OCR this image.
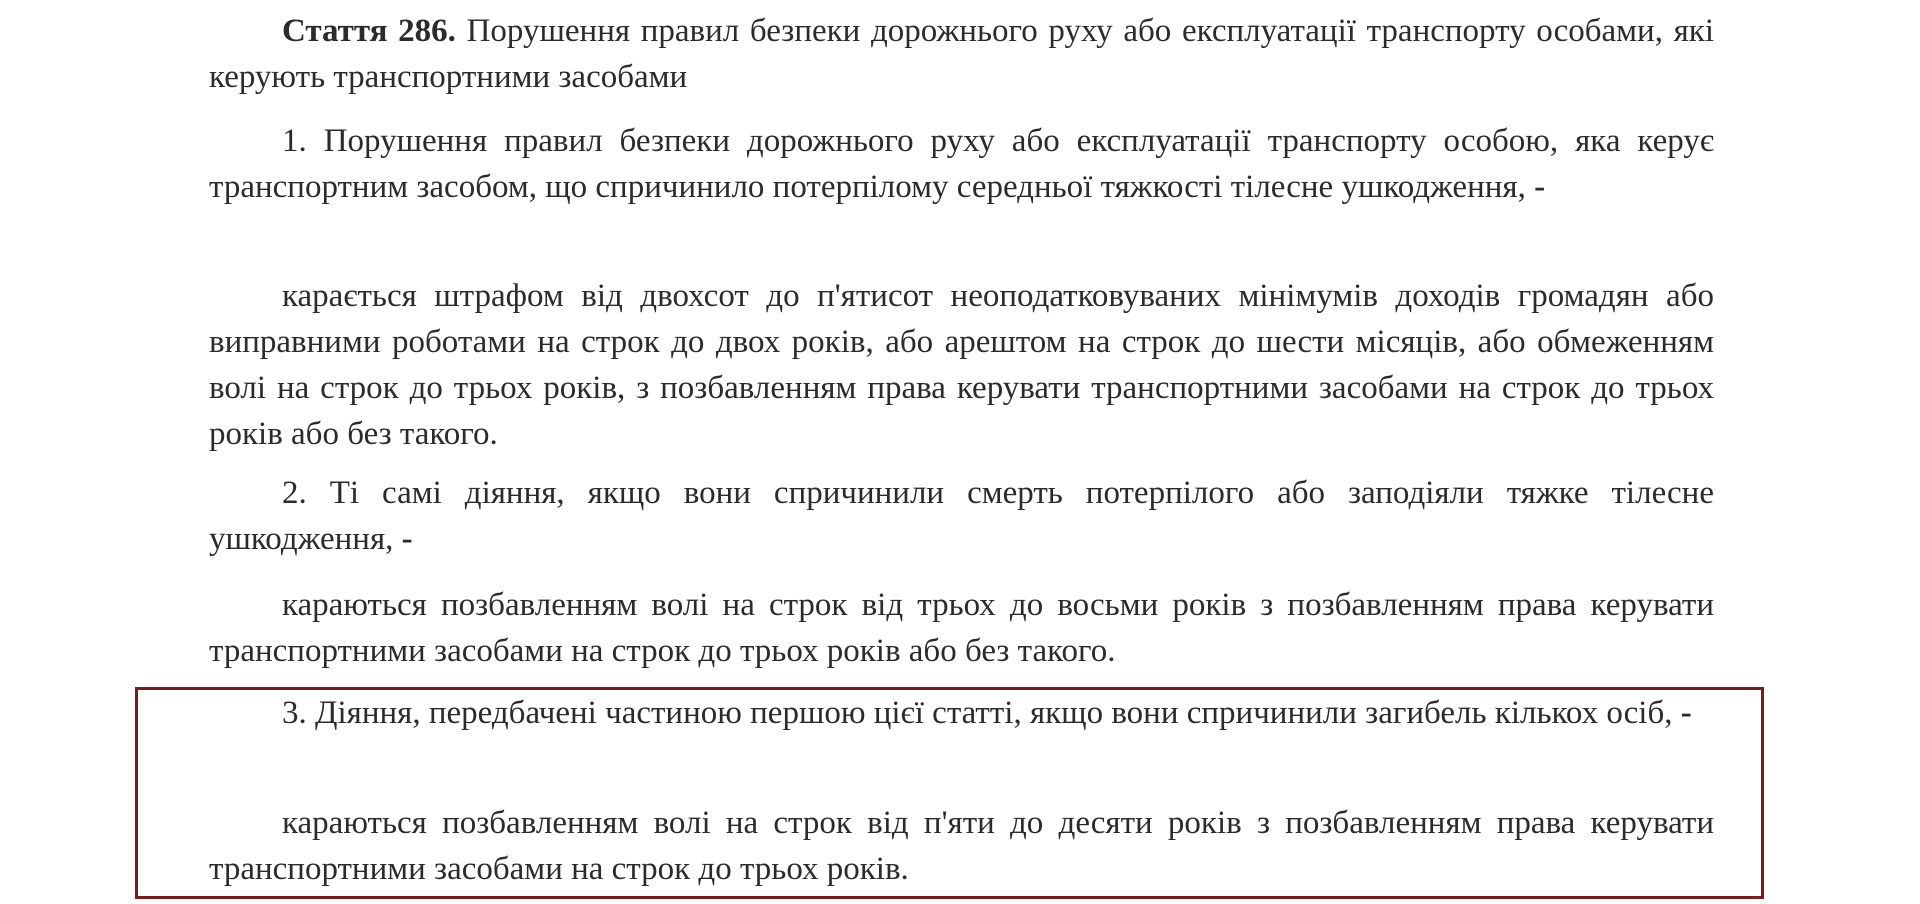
Стаття 286. Порушення правил безпеки дорожнього руху або експлуатації транспорту особами, які керують транспортними засобами

1. Порушення правил безпеки дорожнього руху або експлуатації транспорту особою, яка керує транспортним засобом, що спричинило потерпілому середньої тяжкості тілесне ушкодження, -

карається штрафом від двохсот до п'ятисот неоподатковуваних мінімумів доходів громадян або виправними роботами на строк до двох років, або арештом на строк до шести місяців, або обмеженням волі на строк до трьох років, з позбавленням права керувати транспортними засобами на строк до трьох років або без такого.

2. Ті самі діяння, якщо вони спричинили смерть потерпілого або заподіяли тяжке тілесне ушкодження, -

караються позбавленням волі на строк від трьох до восьми років з позбавленням права керувати транспортними засобами на строк до трьох років або без такого.

3. Діяння, передбачені частиною першою цієї статті, якщо вони спричинили загибель кількох осіб, -

караються позбавленням волі на строк від п'яти до десяти років з позбавленням права керувати транспортними засобами на строк до трьох років.
